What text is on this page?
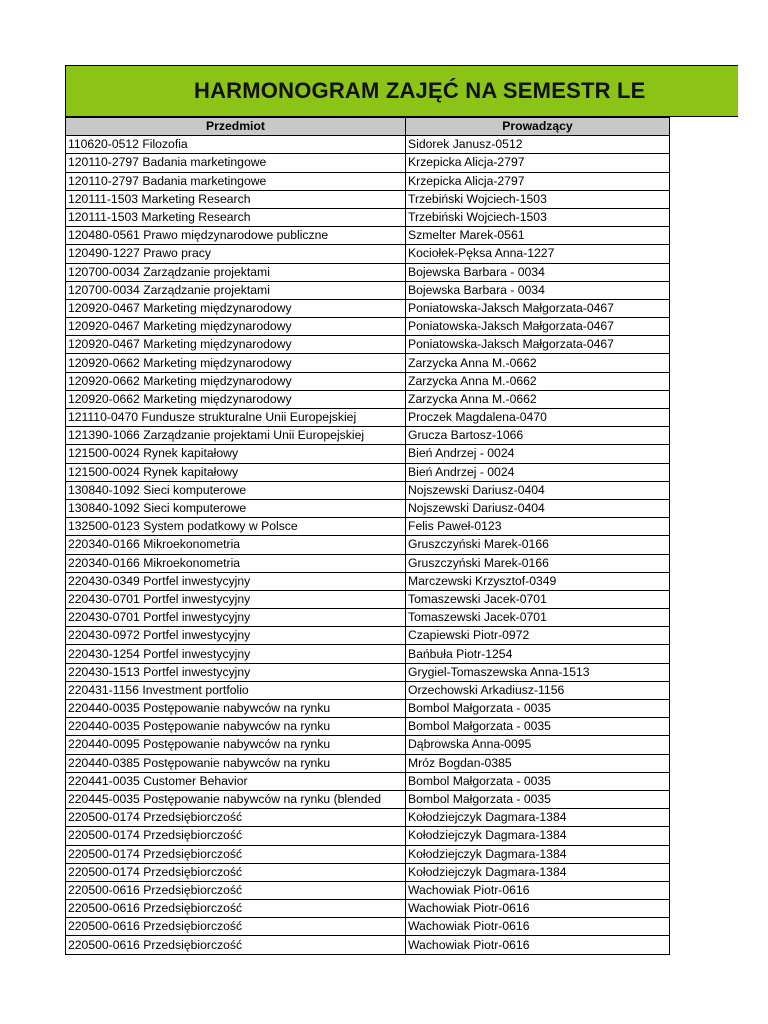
HARMONOGRAM ZAJĘĆ NA SEMESTR LE
Przedmiot	Prowadzący
110620-0512 Filozofia	Sidorek Janusz-0512
120110-2797 Badania marketingowe	Krzepicka Alicja-2797
120110-2797 Badania marketingowe	Krzepicka Alicja-2797
120111-1503 Marketing Research	Trzebiński Wojciech-1503
120111-1503 Marketing Research	Trzebiński Wojciech-1503
120480-0561 Prawo międzynarodowe publiczne	Szmelter Marek-0561
120490-1227 Prawo pracy	Kociołek-Pęksa Anna-1227
120700-0034 Zarządzanie projektami	Bojewska Barbara - 0034
120700-0034 Zarządzanie projektami	Bojewska Barbara - 0034
120920-0467 Marketing międzynarodowy	Poniatowska-Jaksch Małgorzata-0467
120920-0467 Marketing międzynarodowy	Poniatowska-Jaksch Małgorzata-0467
120920-0467 Marketing międzynarodowy	Poniatowska-Jaksch Małgorzata-0467
120920-0662 Marketing międzynarodowy	Zarzycka Anna M.-0662
120920-0662 Marketing międzynarodowy	Zarzycka Anna M.-0662
120920-0662 Marketing międzynarodowy	Zarzycka Anna M.-0662
121110-0470 Fundusze strukturalne Unii Europejskiej	Proczek Magdalena-0470
121390-1066 Zarządzanie projektami Unii Europejskiej	Grucza Bartosz-1066
121500-0024 Rynek kapitałowy	Bień Andrzej - 0024
121500-0024 Rynek kapitałowy	Bień Andrzej - 0024
130840-1092 Sieci komputerowe	Nojszewski Dariusz-0404
130840-1092 Sieci komputerowe	Nojszewski Dariusz-0404
132500-0123 System podatkowy w Polsce	Felis Paweł-0123
220340-0166 Mikroekonometria	Gruszczyński Marek-0166
220340-0166 Mikroekonometria	Gruszczyński Marek-0166
220430-0349 Portfel inwestycyjny	Marczewski Krzysztof-0349
220430-0701 Portfel inwestycyjny	Tomaszewski Jacek-0701
220430-0701 Portfel inwestycyjny	Tomaszewski Jacek-0701
220430-0972 Portfel inwestycyjny	Czapiewski Piotr-0972
220430-1254 Portfel inwestycyjny	Bańbuła Piotr-1254
220430-1513 Portfel inwestycyjny	Grygiel-Tomaszewska Anna-1513
220431-1156 Investment portfolio	Orzechowski Arkadiusz-1156
220440-0035 Postępowanie nabywców na rynku	Bombol Małgorzata - 0035
220440-0035 Postępowanie nabywców na rynku	Bombol Małgorzata - 0035
220440-0095 Postępowanie nabywców na rynku	Dąbrowska Anna-0095
220440-0385 Postępowanie nabywców na rynku	Mróz Bogdan-0385
220441-0035 Customer Behavior	Bombol Małgorzata - 0035
220445-0035 Postępowanie nabywców na rynku (blended	Bombol Małgorzata - 0035
220500-0174 Przedsiębiorczość	Kołodziejczyk Dagmara-1384
220500-0174 Przedsiębiorczość	Kołodziejczyk Dagmara-1384
220500-0174 Przedsiębiorczość	Kołodziejczyk Dagmara-1384
220500-0174 Przedsiębiorczość	Kołodziejczyk Dagmara-1384
220500-0616 Przedsiębiorczość	Wachowiak Piotr-0616
220500-0616 Przedsiębiorczość	Wachowiak Piotr-0616
220500-0616 Przedsiębiorczość	Wachowiak Piotr-0616
220500-0616 Przedsiębiorczość	Wachowiak Piotr-0616
